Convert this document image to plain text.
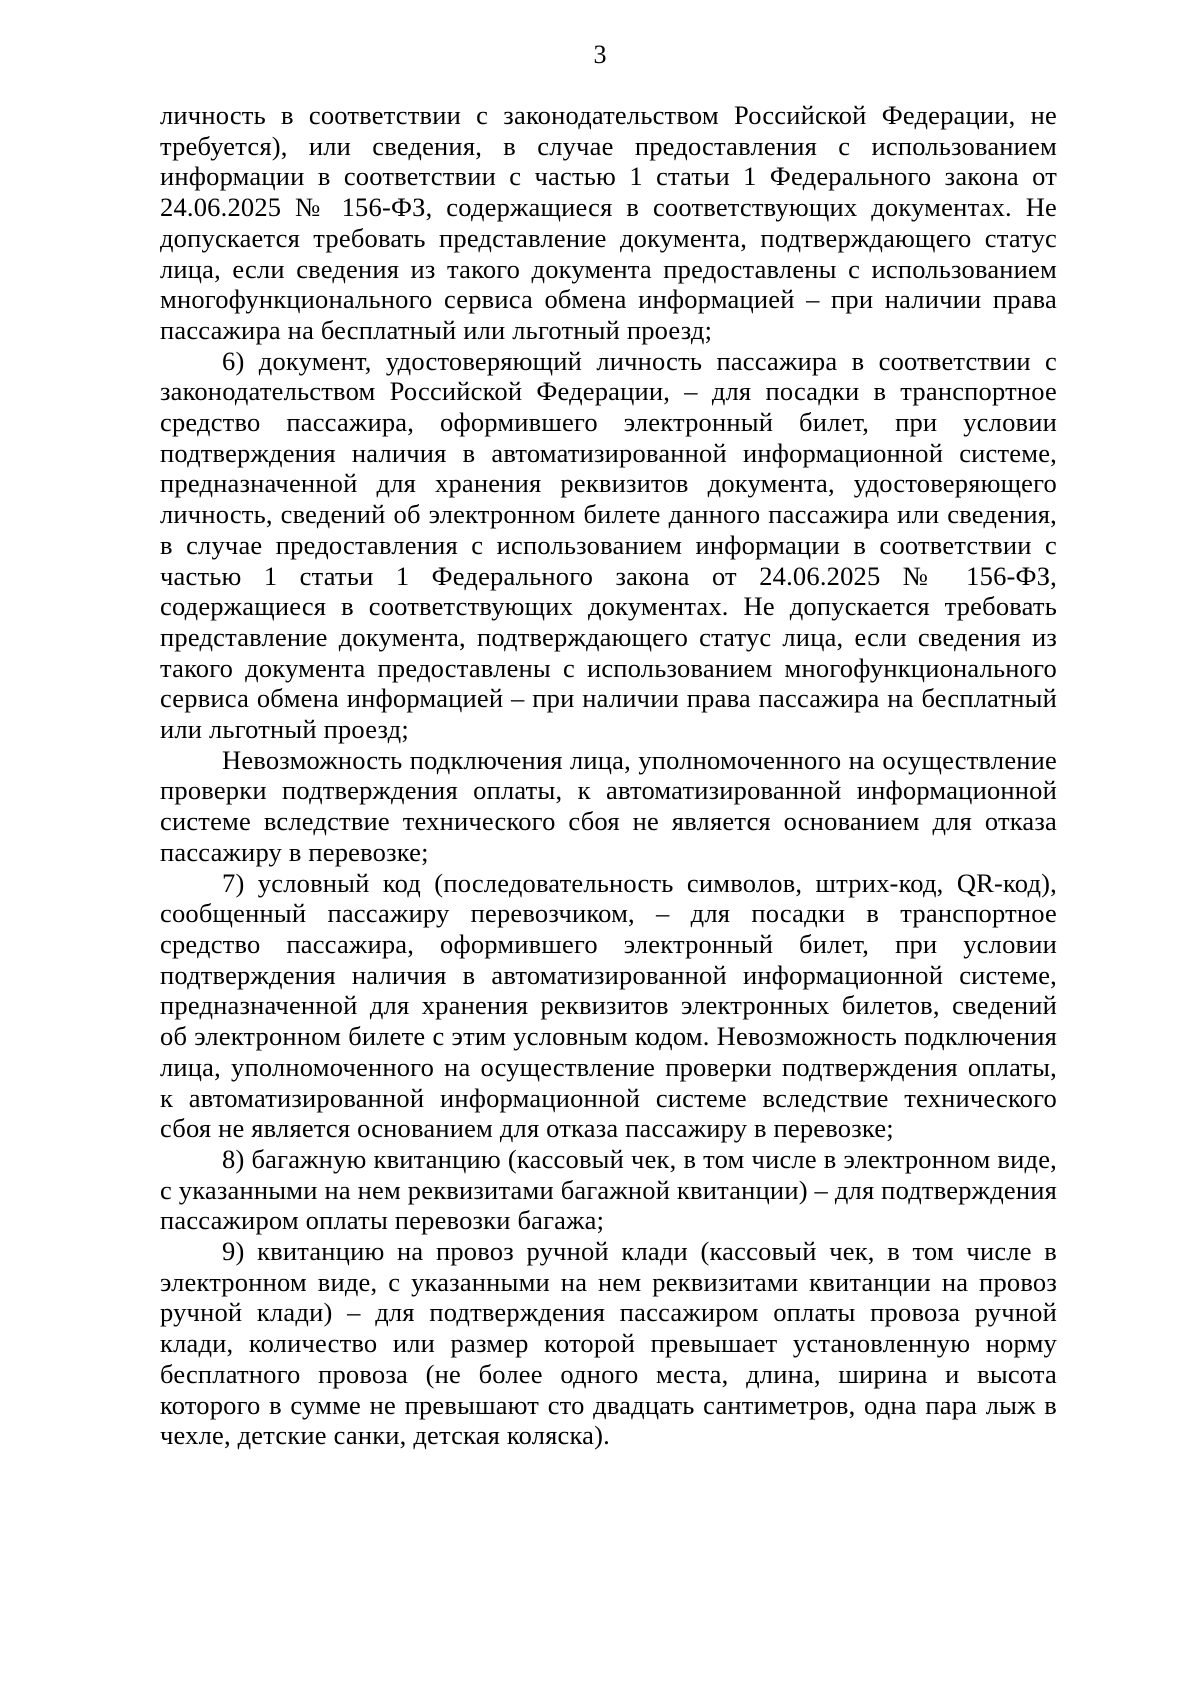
3

личность в соответствии с законодательством Российской Федерации, не требуется), или сведения, в случае предоставления с использованием информации в соответствии с частью 1 статьи 1 Федерального закона от 24.06.2025 № 156-ФЗ, содержащиеся в соответствующих документах. Не допускается требовать представление документа, подтверждающего статус лица, если сведения из такого документа предоставлены с использованием многофункционального сервиса обмена информацией – при наличии права пассажира на бесплатный или льготный проезд;

6) документ, удостоверяющий личность пассажира в соответствии с законодательством Российской Федерации, – для посадки в транспортное средство пассажира, оформившего электронный билет, при условии подтверждения наличия в автоматизированной информационной системе, предназначенной для хранения реквизитов документа, удостоверяющего личность, сведений об электронном билете данного пассажира или сведения, в случае предоставления с использованием информации в соответствии с частью 1 статьи 1 Федерального закона от 24.06.2025 № 156-ФЗ, содержащиеся в соответствующих документах. Не допускается требовать представление документа, подтверждающего статус лица, если сведения из такого документа предоставлены с использованием многофункционального сервиса обмена информацией – при наличии права пассажира на бесплатный или льготный проезд;

Невозможность подключения лица, уполномоченного на осуществление проверки подтверждения оплаты, к автоматизированной информационной системе вследствие технического сбоя не является основанием для отказа пассажиру в перевозке;

7) условный код (последовательность символов, штрих-код, QR-код), сообщенный пассажиру перевозчиком, – для посадки в транспортное средство пассажира, оформившего электронный билет, при условии подтверждения наличия в автоматизированной информационной системе, предназначенной для хранения реквизитов электронных билетов, сведений об электронном билете с этим условным кодом. Невозможность подключения лица, уполномоченного на осуществление проверки подтверждения оплаты, к автоматизированной информационной системе вследствие технического сбоя не является основанием для отказа пассажиру в перевозке;

8) багажную квитанцию (кассовый чек, в том числе в электронном виде, с указанными на нем реквизитами багажной квитанции) – для подтверждения пассажиром оплаты перевозки багажа;

9) квитанцию на провоз ручной клади (кассовый чек, в том числе в электронном виде, с указанными на нем реквизитами квитанции на провоз ручной клади) – для подтверждения пассажиром оплаты провоза ручной клади, количество или размер которой превышает установленную норму бесплатного провоза (не более одного места, длина, ширина и высота которого в сумме не превышают сто двадцать сантиметров, одна пара лыж в чехле, детские санки, детская коляска).
